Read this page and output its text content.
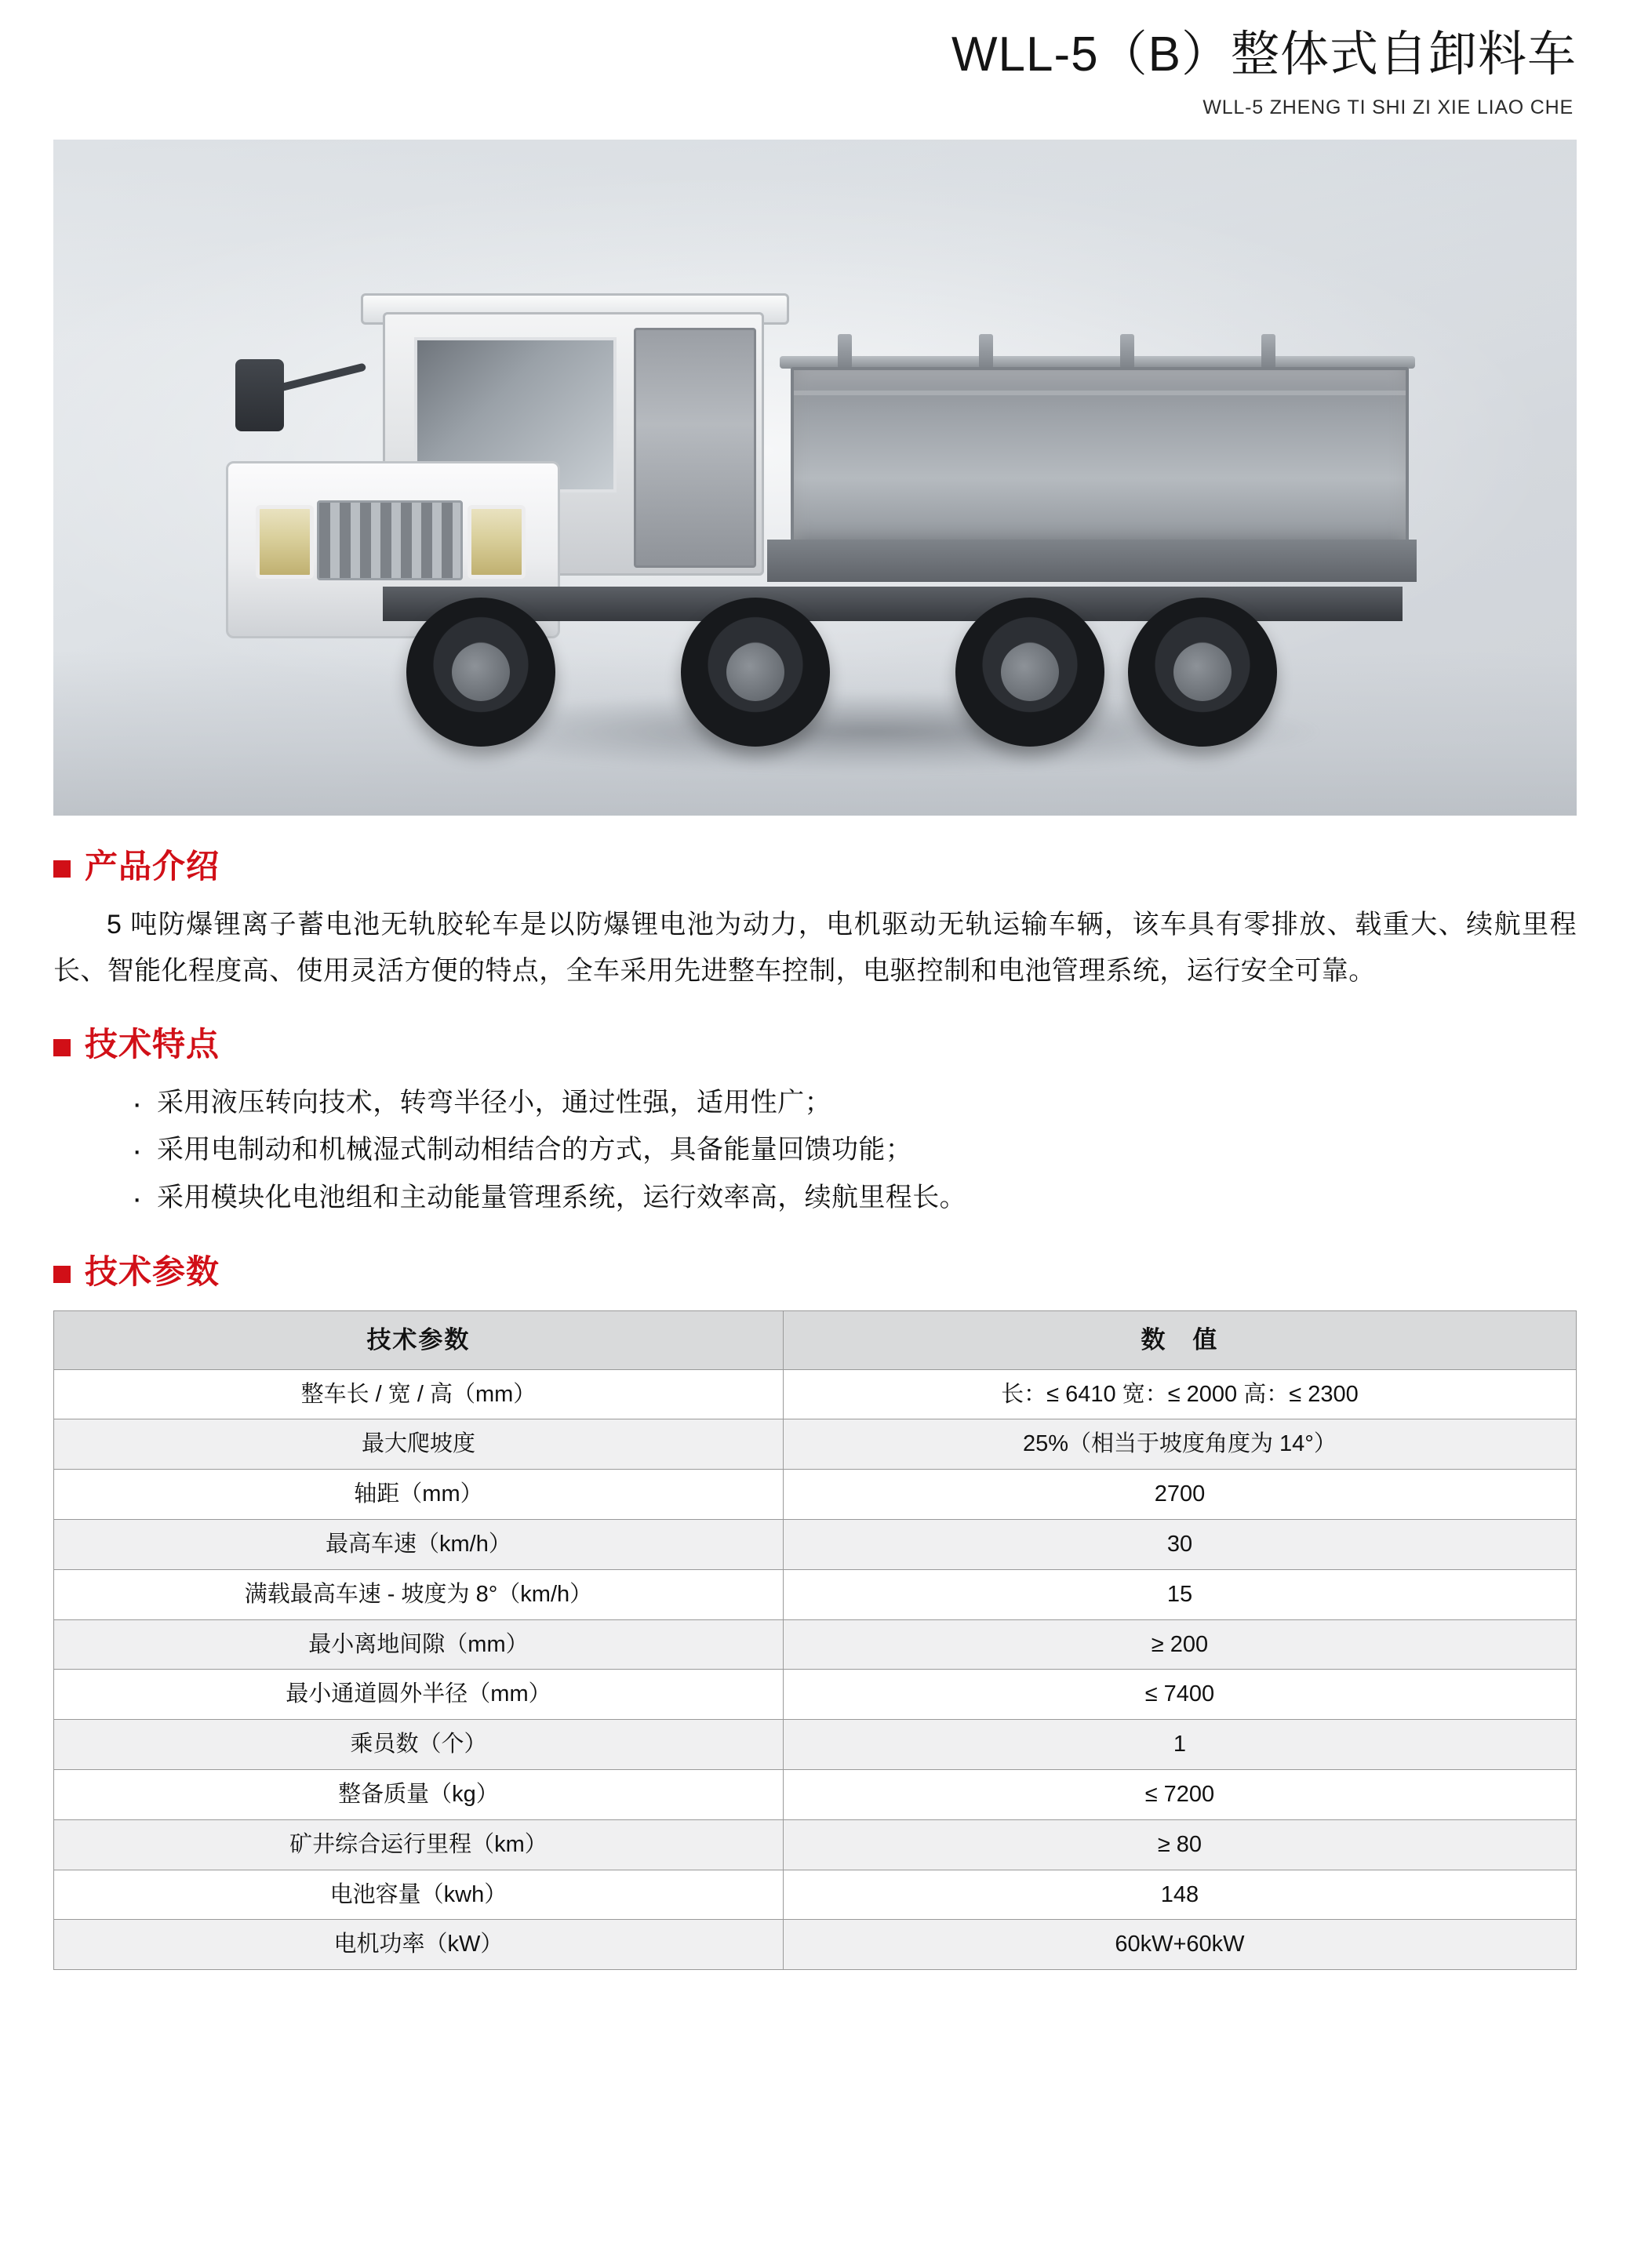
WLL-5（B）整体式自卸料车
WLL-5 ZHENG TI SHI ZI XIE LIAO CHE
产品介绍

5 吨防爆锂离子蓄电池无轨胶轮车是以防爆锂电池为动力，电机驱动无轨运输车辆，该车具有零排放、载重大、续航里程长、智能化程度高、使用灵活方便的特点，全车采用先进整车控制，电驱控制和电池管理系统，运行安全可靠。

技术特点
· 采用液压转向技术，转弯半径小，通过性强，适用性广；
· 采用电制动和机械湿式制动相结合的方式，具备能量回馈功能；
· 采用模块化电池组和主动能量管理系统，运行效率高，续航里程长。
技术参数
技术参数	数　值
整车长 / 宽 / 高（mm）	长：≤ 6410 宽：≤ 2000 高：≤ 2300
最大爬坡度	25%（相当于坡度角度为 14°）
轴距（mm）	2700
最高车速（km/h）	30
满载最高车速 - 坡度为 8°（km/h）	15
最小离地间隙（mm）	≥ 200
最小通道圆外半径（mm）	≤ 7400
乘员数（个）	1
整备质量（kg）	≤ 7200
矿井综合运行里程（km）	≥ 80
电池容量（kwh）	148
电机功率（kW）	60kW+60kW
